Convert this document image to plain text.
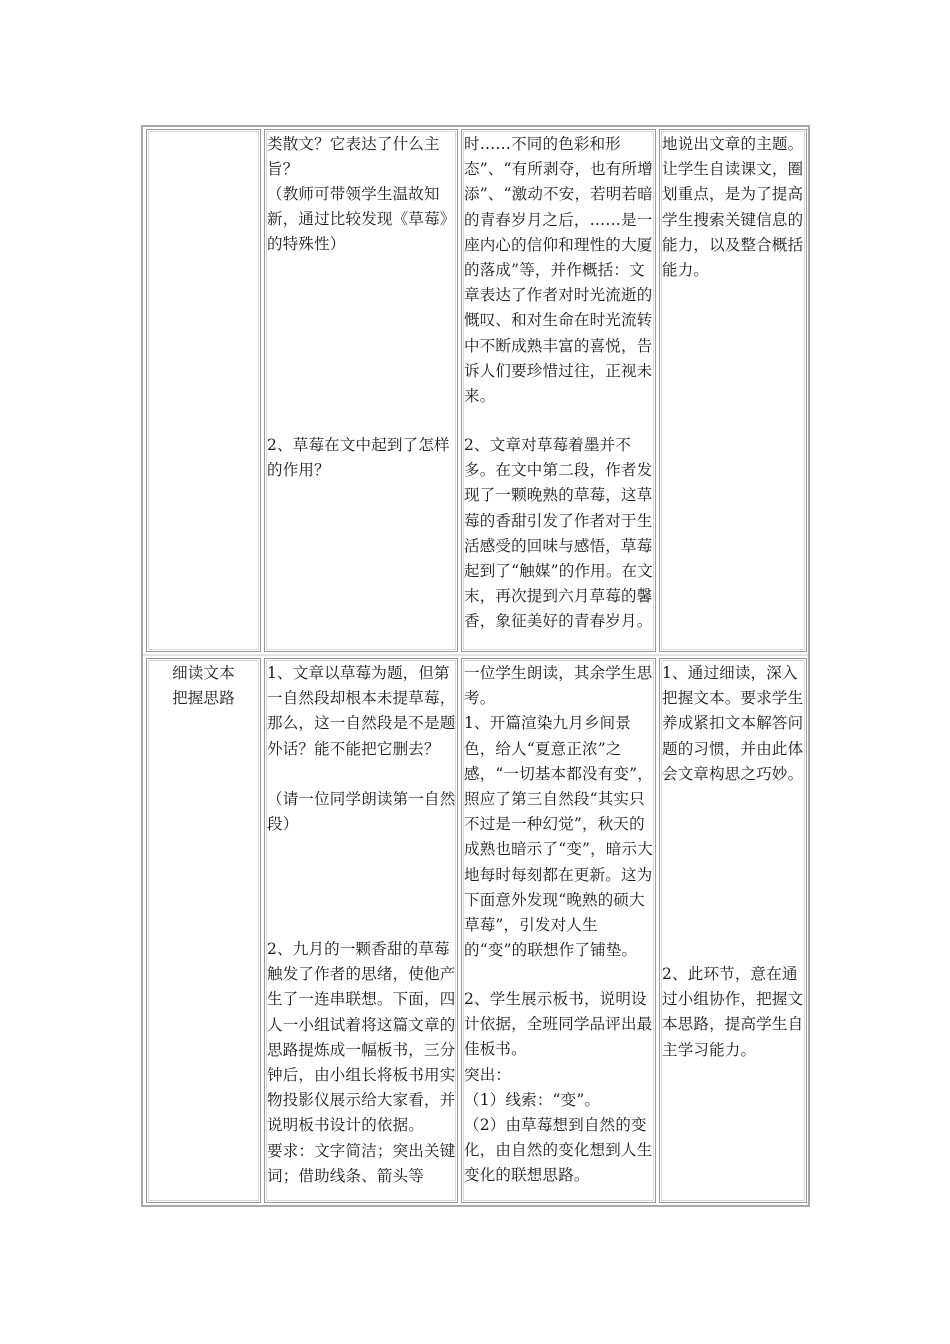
类散文？它表达了什么主旨？
（教师可带领学生温故知新，通过比较发现《草莓》的特殊性）
2、草莓在文中起到了怎样的作用？
时……不同的色彩和形态”、“有所剥夺，也有所增添”、“激动不安，若明若暗的青春岁月之后，……是一座内心的信仰和理性的大厦的落成”等，并作概括：文章表达了作者对时光流逝的慨叹、和对生命在时光流转中不断成熟丰富的喜悦，告诉人们要珍惜过往，正视未来。
2、文章对草莓着墨并不多。在文中第二段，作者发现了一颗晚熟的草莓，这草莓的香甜引发了作者对于生活感受的回味与感悟，草莓起到了“触媒”的作用。在文末，再次提到六月草莓的馨香，象征美好的青春岁月。
地说出文章的主题。让学生自读课文，圈划重点，是为了提高学生搜索关键信息的能力，以及整合概括能力。
细读文本
把握思路
1、文章以草莓为题，但第一自然段却根本未提草莓，那么，这一自然段是不是题外话？能不能把它删去？
（请一位同学朗读第一自然段）
2、九月的一颗香甜的草莓触发了作者的思绪，使他产生了一连串联想。下面，四人一小组试着将这篇文章的思路提炼成一幅板书，三分钟后，由小组长将板书用实物投影仪展示给大家看，并说明板书设计的依据。
要求：文字简洁；突出关键词；借助线条、箭头等
一位学生朗读，其余学生思考。
1、开篇渲染九月乡间景色，给人“夏意正浓”之感，“一切基本都没有变”，照应了第三自然段“其实只不过是一种幻觉”，秋天的成熟也暗示了“变”，暗示大地每时每刻都在更新。这为下面意外发现“晚熟的硕大草莓”，引发对人生的“变”的联想作了铺垫。
2、学生展示板书，说明设计依据，全班同学品评出最佳板书。
突出：
（1）线索：“变”。
（2）由草莓想到自然的变化，由自然的变化想到人生变化的联想思路。
1、通过细读，深入把握文本。要求学生养成紧扣文本解答问题的习惯，并由此体会文章构思之巧妙。
2、此环节，意在通过小组协作，把握文本思路，提高学生自主学习能力。
